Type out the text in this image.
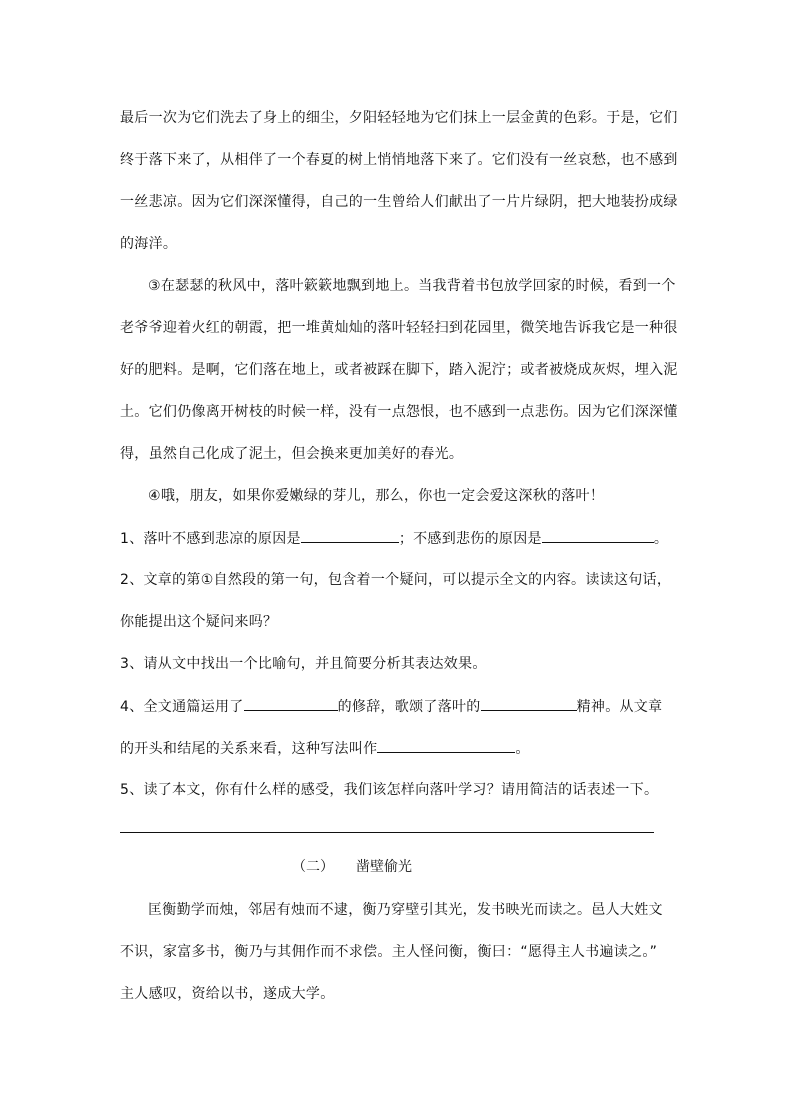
最后一次为它们洗去了身上的细尘，夕阳轻轻地为它们抹上一层金黄的色彩。于是，它们
终于落下来了，从相伴了一个春夏的树上悄悄地落下来了。它们没有一丝哀愁，也不感到
一丝悲凉。因为它们深深懂得，自己的一生曾给人们献出了一片片绿阴，把大地装扮成绿
的海洋。
③在瑟瑟的秋风中，落叶簌簌地飘到地上。当我背着书包放学回家的时候，看到一个
老爷爷迎着火红的朝霞，把一堆黄灿灿的落叶轻轻扫到花园里，微笑地告诉我它是一种很
好的肥料。是啊，它们落在地上，或者被踩在脚下，踏入泥泞；或者被烧成灰烬，埋入泥
土。它们仍像离开树枝的时候一样，没有一点怨恨，也不感到一点悲伤。因为它们深深懂
得，虽然自己化成了泥土，但会换来更加美好的春光。
④哦，朋友，如果你爱嫩绿的芽儿，那么，你也一定会爱这深秋的落叶！
1、落叶不感到悲凉的原因是	；不感到悲伤的原因是	。
2、文章的第①自然段的第一句，包含着一个疑问，可以提示全文的内容。读读这句话，
你能提出这个疑问来吗？
3、请从文中找出一个比喻句，并且简要分析其表达效果。
4、全文通篇运用了	的修辞，歌颂了落叶的	精神。从文章
的开头和结尾的关系来看，这种写法叫作	。
5、读了本文，你有什么样的感受，我们该怎样向落叶学习？请用简洁的话表述一下。
（二） 凿壁偷光
匡衡勤学而烛，邻居有烛而不逮，衡乃穿壁引其光，发书映光而读之。邑人大姓文
不识，家富多书，衡乃与其佣作而不求偿。主人怪问衡，衡曰：“愿得主人书遍读之。”
主人感叹，资给以书，遂成大学。
